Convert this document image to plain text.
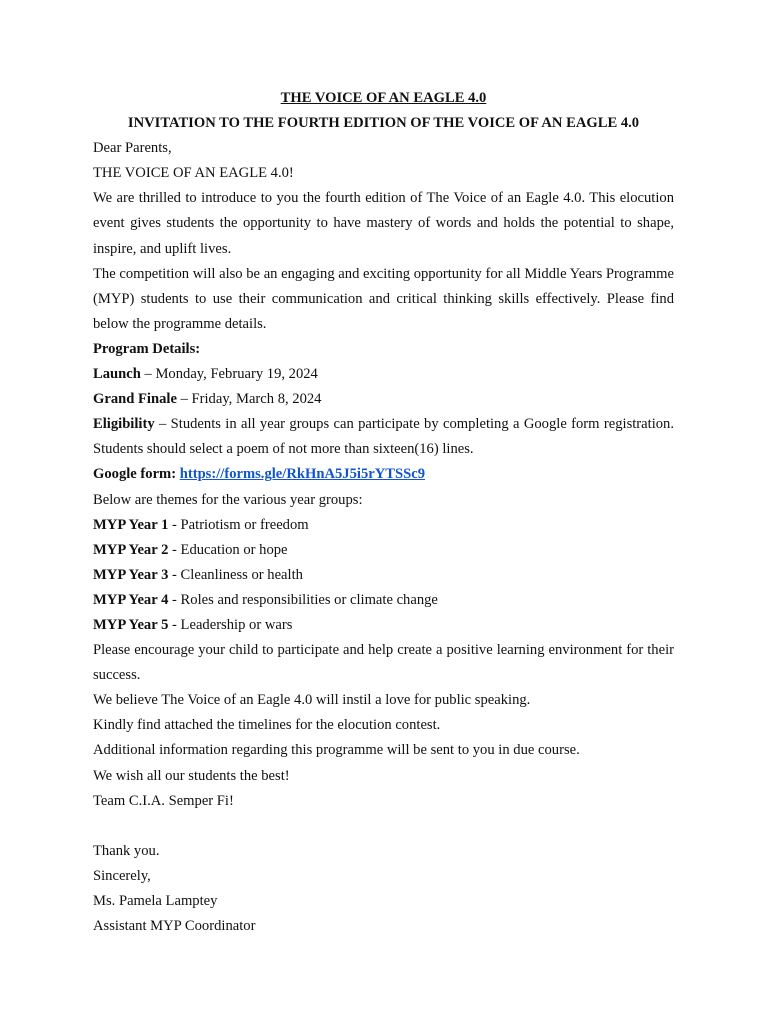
THE VOICE OF AN EAGLE 4.0

INVITATION TO THE FOURTH EDITION OF THE VOICE OF AN EAGLE 4.0

Dear Parents,

THE VOICE OF AN EAGLE 4.0!

We are thrilled to introduce to you the fourth edition of The Voice of an Eagle 4.0. This elocution event gives students the opportunity to have mastery of words and holds the potential to shape, inspire, and uplift lives.

The competition will also be an engaging and exciting opportunity for all Middle Years Programme (MYP) students to use their communication and critical thinking skills effectively. Please find below the programme details.

Program Details:

Launch – Monday, February 19, 2024

Grand Finale – Friday, March 8, 2024

Eligibility – Students in all year groups can participate by completing a Google form registration. Students should select a poem of not more than sixteen(16) lines.

Google form: https://forms.gle/RkHnA5J5i5rYTSSc9

Below are themes for the various year groups:

MYP Year 1 - Patriotism or freedom

MYP Year 2 - Education or hope

MYP Year 3 - Cleanliness or health

MYP Year 4 - Roles and responsibilities or climate change

MYP Year 5 - Leadership or wars

Please encourage your child to participate and help create a positive learning environment for their success.

We believe The Voice of an Eagle 4.0 will instil a love for public speaking.

Kindly find attached the timelines for the elocution contest.

Additional information regarding this programme will be sent to you in due course.

We wish all our students the best!

Team C.I.A. Semper Fi!

Thank you.

Sincerely,

Ms. Pamela Lamptey

Assistant MYP Coordinator
